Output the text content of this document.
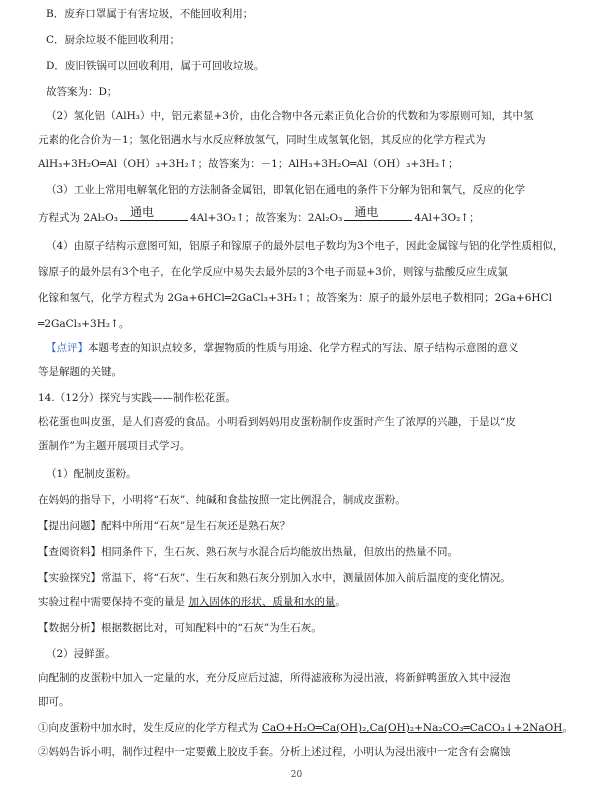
B．废弃口罩属于有害垃圾，不能回收利用；
C．厨余垃圾不能回收利用；
D．废旧铁锅可以回收利用，属于可回收垃圾。
故答案为：D；
（2）氢化铝（AlH₃）中，铝元素显+3价，由化合物中各元素正负化合价的代数和为零原则可知，其中氢
元素的化合价为－1；氢化铝遇水与水反应释放氢气，同时生成氢氧化铝，其反应的化学方程式为
AlH₃+3H₂O═Al（OH）₃+3H₂↑；故答案为：－1；AlH₃+3H₂O═Al（OH）₃+3H₂↑；
（3）工业上常用电解氧化铝的方法制备金属铝，即氧化铝在通电的条件下分解为铝和氧气，反应的化学
方程式为 2Al₂O₃ 通电	4Al+3O₂↑；故答案为：2Al₂O₃ 通电	4Al+3O₂↑；
（4）由原子结构示意图可知，铝原子和镓原子的最外层电子数均为3个电子，因此金属镓与铝的化学性质相似，
镓原子的最外层有3个电子，在化学反应中易失去最外层的3个电子而显+3价，则镓与盐酸反应生成氯
化镓和氢气，化学方程式为 2Ga+6HCl═2GaCl₃+3H₂↑；故答案为：原子的最外层电子数相同；2Ga+6HCl
═2GaCl₃+3H₂↑。
【点评】本题考查的知识点较多，掌握物质的性质与用途、化学方程式的写法、原子结构示意图的意义
等是解题的关键。
14.（12分）探究与实践——制作松花蛋。
松花蛋也叫皮蛋，是人们喜爱的食品。小明看到妈妈用皮蛋粉制作皮蛋时产生了浓厚的兴趣，于是以“皮
蛋制作”为主题开展项目式学习。
（1）配制皮蛋粉。
在妈妈的指导下，小明将“石灰”、纯碱和食盐按照一定比例混合，制成皮蛋粉。
【提出问题】配料中所用“石灰”是生石灰还是熟石灰？
【查阅资料】相同条件下，生石灰、熟石灰与水混合后均能放出热量，但放出的热量不同。
【实验探究】常温下，将“石灰”、生石灰和熟石灰分别加入水中，测量固体加入前后温度的变化情况。
实验过程中需要保持不变的量是 加入固体的形状、质量和水的量。
【数据分析】根据数据比对，可知配料中的“石灰”为生石灰。
（2）浸鲜蛋。
向配制的皮蛋粉中加入一定量的水，充分反应后过滤，所得滤液称为浸出液，将新鲜鸭蛋放入其中浸泡
即可。
①向皮蛋粉中加水时，发生反应的化学方程式为 CaO+H₂O═Ca(OH)₂,Ca(OH)₂+Na₂CO₃═CaCO₃↓+2NaOH。
②妈妈告诉小明，制作过程中一定要戴上胶皮手套。分析上述过程，小明认为浸出液中一定含有会腐蚀
20
